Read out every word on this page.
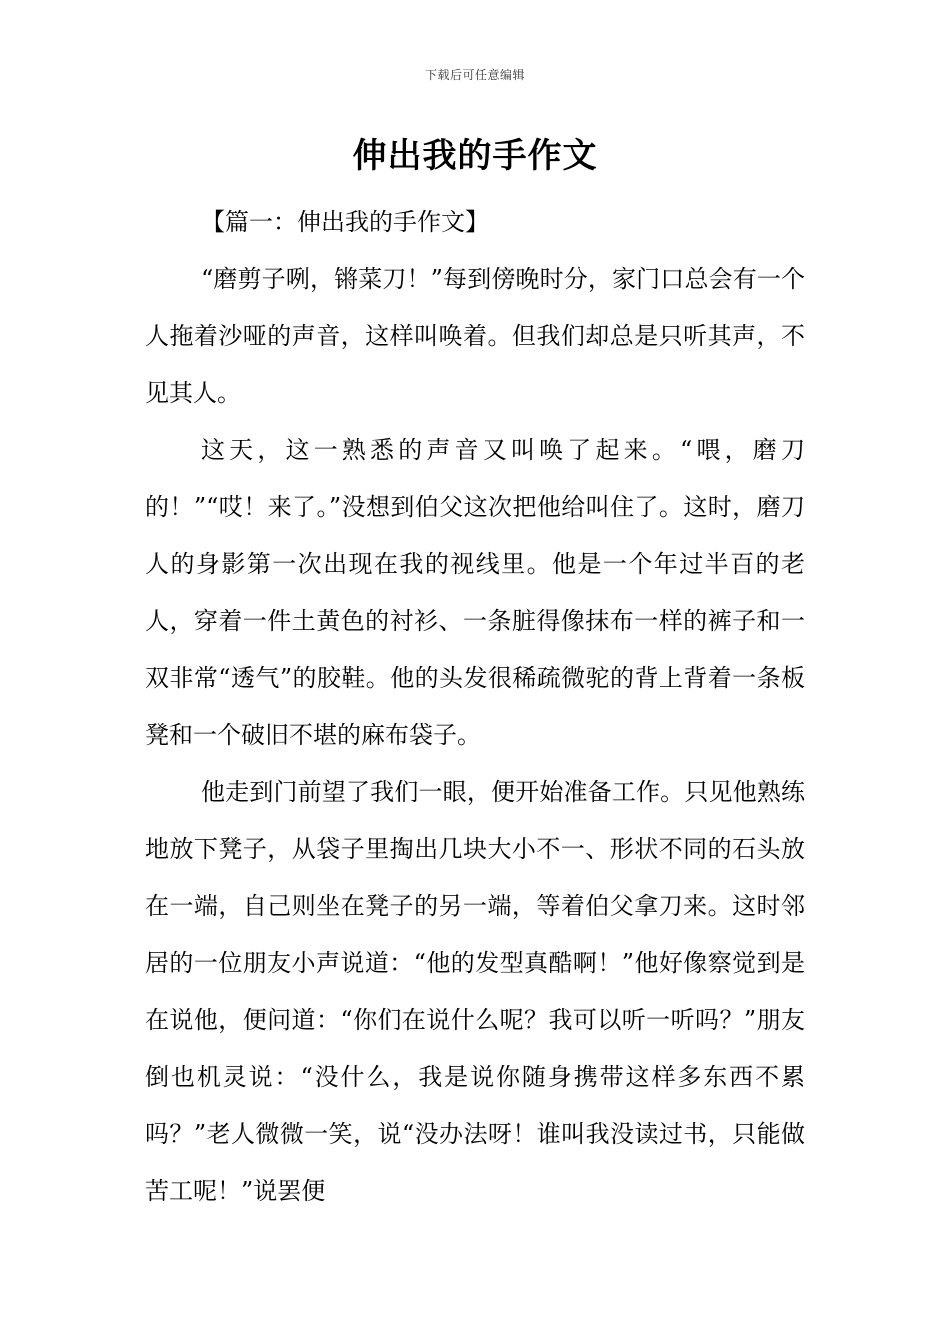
下载后可任意编辑
伸出我的手作文

【篇一：伸出我的手作文】

“磨剪子咧，锵菜刀！”每到傍晚时分，家门口总会有一个人拖着沙哑的声音，这样叫唤着。但我们却总是只听其声，不见其人。

这天，这一熟悉的声音又叫唤了起来。“喂，磨刀的！”“哎！来了。”没想到伯父这次把他给叫住了。这时，磨刀人的身影第一次出现在我的视线里。他是一个年过半百的老人，穿着一件土黄色的衬衫、一条脏得像抹布一样的裤子和一双非常“透气”的胶鞋。他的头发很稀疏微驼的背上背着一条板凳和一个破旧不堪的麻布袋子。

他走到门前望了我们一眼，便开始准备工作。只见他熟练地放下凳子，从袋子里掏出几块大小不一、形状不同的石头放在一端，自己则坐在凳子的另一端，等着伯父拿刀来。这时邻居的一位朋友小声说道：“他的发型真酷啊！”他好像察觉到是在说他，便问道：“你们在说什么呢？我可以听一听吗？”朋友倒也机灵说：“没什么，我是说你随身携带这样多东西不累吗？”老人微微一笑，说“没办法呀！谁叫我没读过书，只能做苦工呢！”说罢便
